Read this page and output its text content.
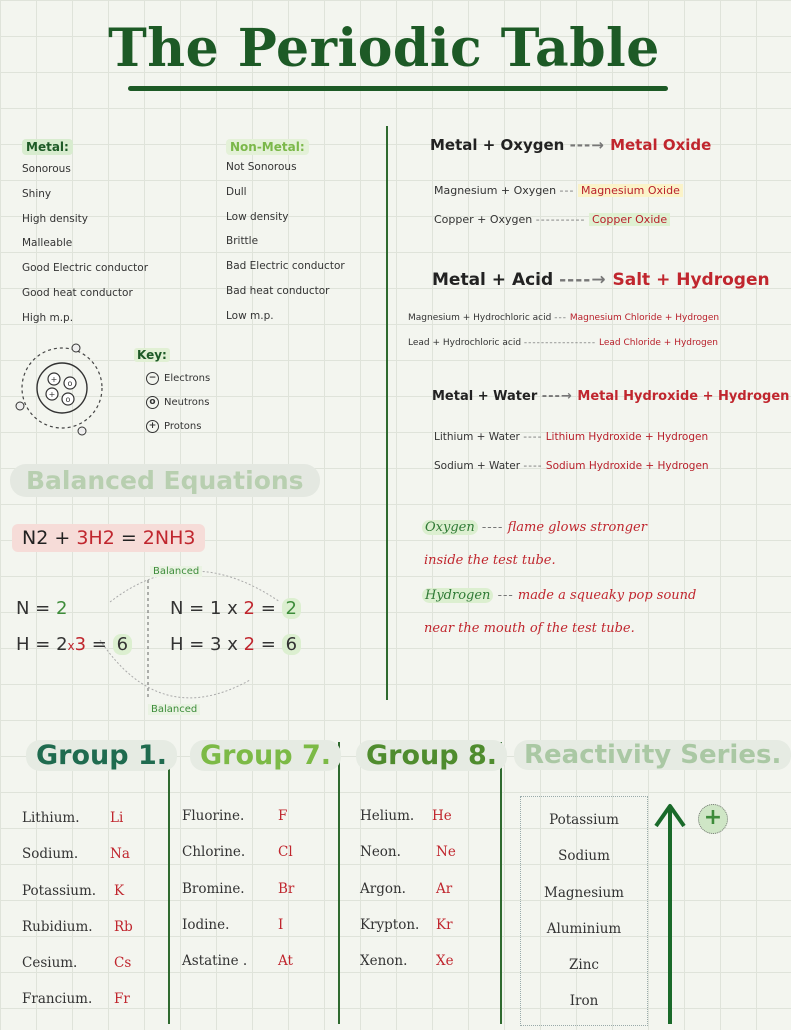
The Periodic Table
Metal:
Sonorous
Shiny
High density
Malleable
Good Electric conductor
Good heat conductor
High m.p.
Non-Metal:
Not Sonorous
Dull
Low density
Brittle
Bad Electric conductor
Bad heat conductor
Low m.p.
+ o
+
o
Key:
− Electrons
o Neutrons
+ Protons
Balanced Equations
N2 + 3H2 = 2NH3
Balanced
Balanced
N = 2
H = 2x3 = 6
N = 1 x 2 = 2
H = 3 x 2 = 6
Metal + Oxygen ---→ Metal Oxide
Magnesium + Oxygen --- Magnesium Oxide
Copper + Oxygen ---------- Copper Oxide
Metal + Acid ----→ Salt + Hydrogen
Magnesium + Hydrochloric acid --- Magnesium Chloride + Hydrogen
Lead + Hydrochloric acid ----------------- Lead Chloride + Hydrogen
Metal + Water ---→ Metal Hydroxide + Hydrogen
Lithium + Water ---- Lithium Hydroxide + Hydrogen
Sodium + Water ---- Sodium Hydroxide + Hydrogen
Oxygen ---- flame glows stronger
inside the test tube.
Hydrogen --- made a squeaky pop sound
near the mouth of the test tube.
Group 1.
Lithium.	Li
Sodium.	Na
Potassium.	K
Rubidium.	Rb
Cesium.	Cs
Francium.	Fr
Group 7.
Fluorine.	F
Chlorine.	Cl
Bromine.	Br
Iodine.	I
Astatine .	At
Group 8.
Helium.	He
Neon.	Ne
Argon.	Ar
Krypton.	Kr
Xenon.	Xe
Reactivity Series.
Potassium
Sodium
Magnesium
Aluminium
Zinc
Iron
+
